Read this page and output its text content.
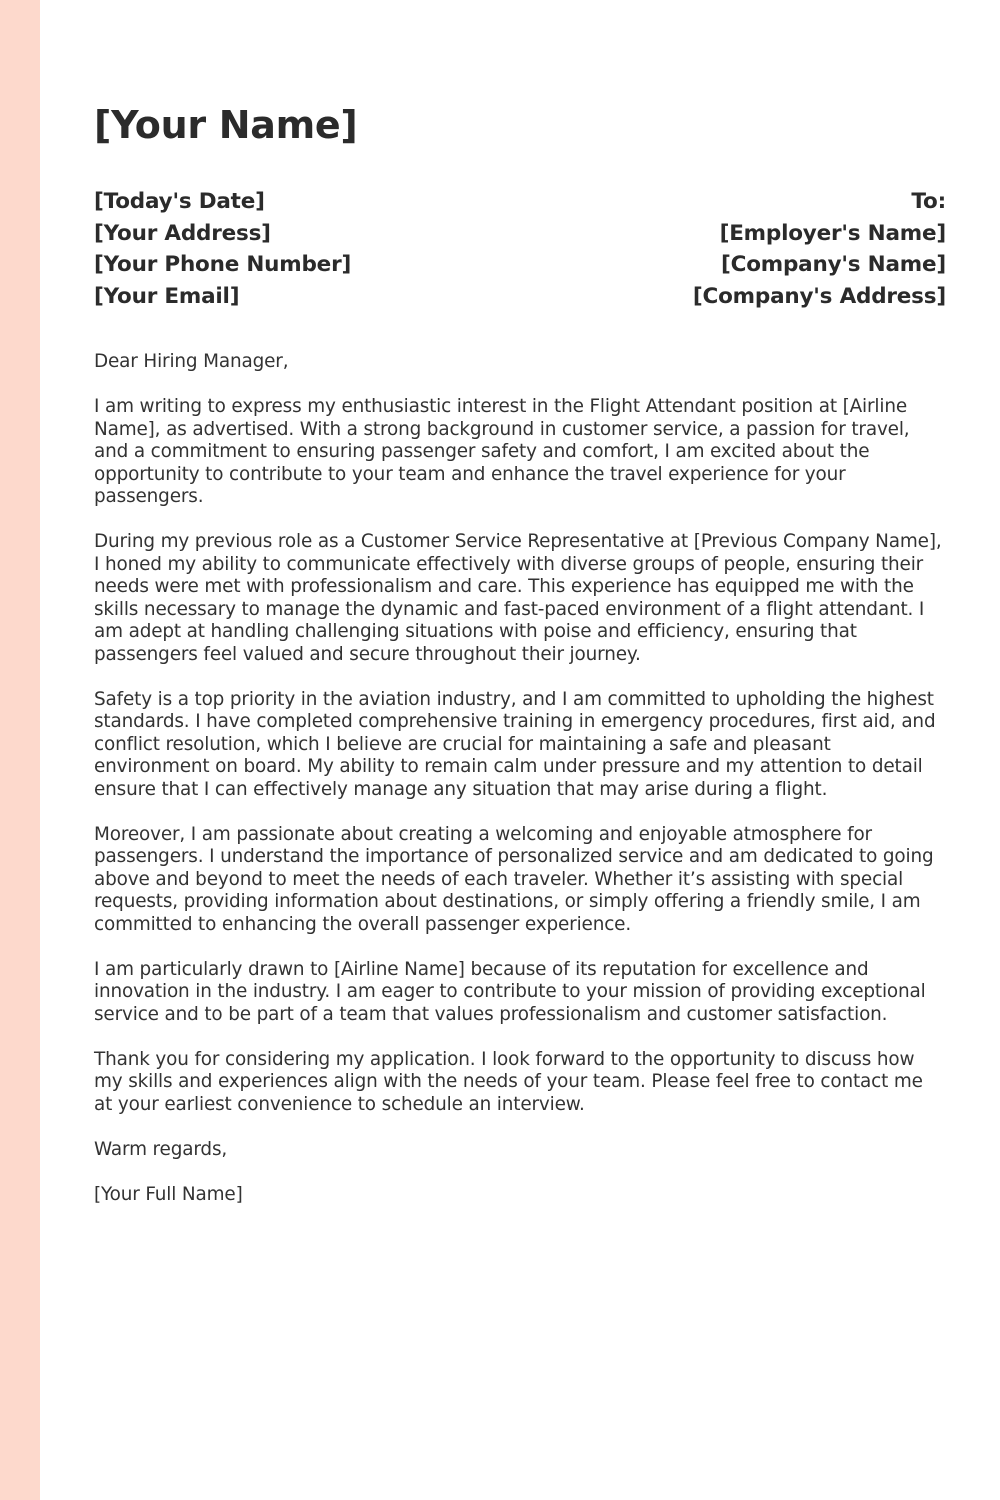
[Your Name]
[Today's Date]
[Your Address]
[Your Phone Number]
[Your Email]
To:
[Employer's Name]
[Company's Name]
[Company's Address]

Dear Hiring Manager,

I am writing to express my enthusiastic interest in the Flight Attendant position at [Airline Name], as advertised. With a strong background in customer service, a passion for travel, and a commitment to ensuring passenger safety and comfort, I am excited about the opportunity to contribute to your team and enhance the travel experience for your passengers.

During my previous role as a Customer Service Representative at [Previous Company Name], I honed my ability to communicate effectively with diverse groups of people, ensuring their needs were met with professionalism and care. This experience has equipped me with the skills necessary to manage the dynamic and fast-paced environment of a flight attendant. I am adept at handling challenging situations with poise and efficiency, ensuring that passengers feel valued and secure throughout their journey.

Safety is a top priority in the aviation industry, and I am committed to upholding the highest standards. I have completed comprehensive training in emergency procedures, first aid, and conflict resolution, which I believe are crucial for maintaining a safe and pleasant environment on board. My ability to remain calm under pressure and my attention to detail ensure that I can effectively manage any situation that may arise during a flight.

Moreover, I am passionate about creating a welcoming and enjoyable atmosphere for passengers. I understand the importance of personalized service and am dedicated to going above and beyond to meet the needs of each traveler. Whether it’s assisting with special requests, providing information about destinations, or simply offering a friendly smile, I am committed to enhancing the overall passenger experience.

I am particularly drawn to [Airline Name] because of its reputation for excellence and innovation in the industry. I am eager to contribute to your mission of providing exceptional service and to be part of a team that values professionalism and customer satisfaction.

Thank you for considering my application. I look forward to the opportunity to discuss how my skills and experiences align with the needs of your team. Please feel free to contact me at your earliest convenience to schedule an interview.

Warm regards,

[Your Full Name]
